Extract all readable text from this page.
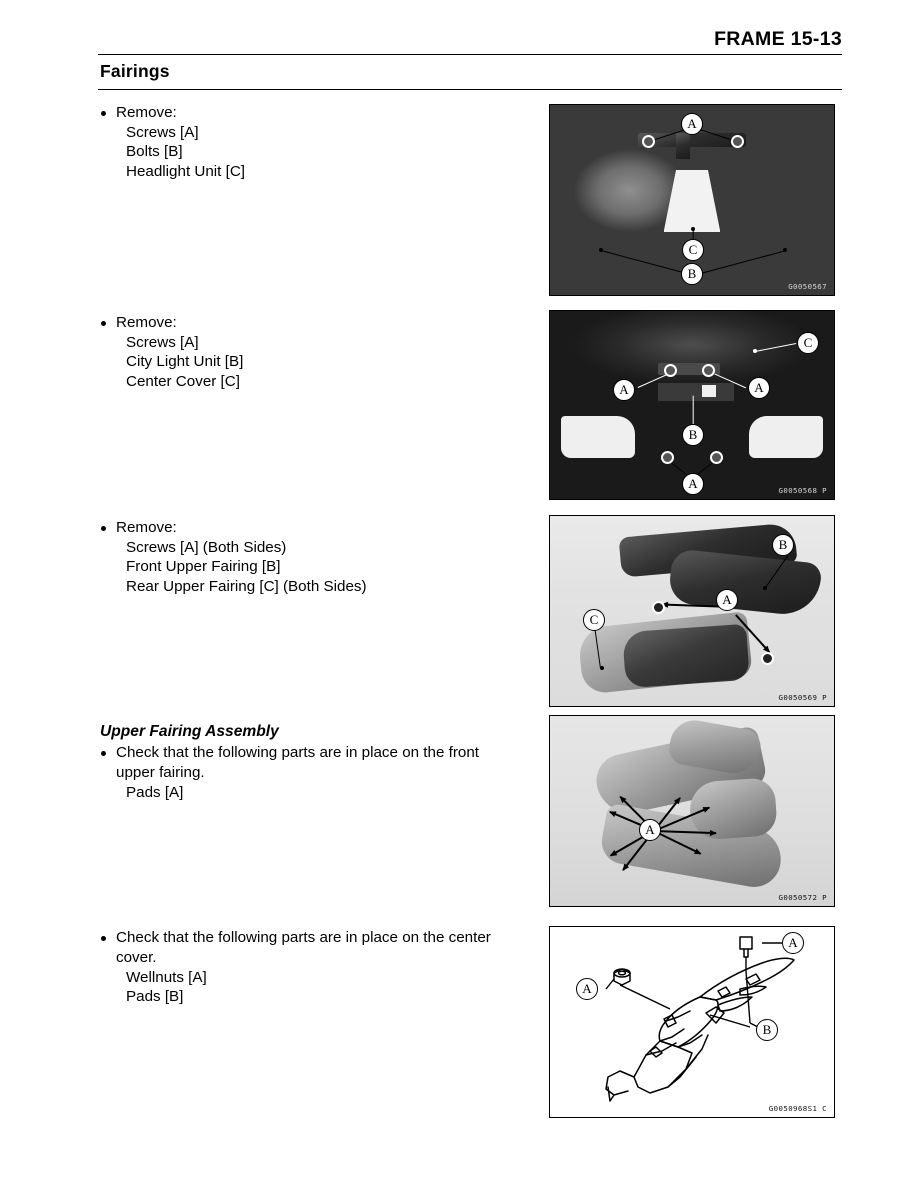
FRAME 15-13
Fairings
Remove:
Screws [A]
Bolts [B]
Headlight Unit [C]
Remove:
Screws [A]
City Light Unit [B]
Center Cover [C]
Remove:
Screws [A] (Both Sides)
Front Upper Fairing [B]
Rear Upper Fairing [C] (Both Sides)
Upper Fairing Assembly
Check that the following parts are in place on the front
upper fairing.
Pads [A]
Check that the following parts are in place on the center
cover.
Wellnuts [A]
Pads [B]
A
C
B
G0050567
C
A	A
B
A	G0050568 P
B
A
C
G0050569 P
A
G0050572 P
A
A
B
G0050968S1 C
